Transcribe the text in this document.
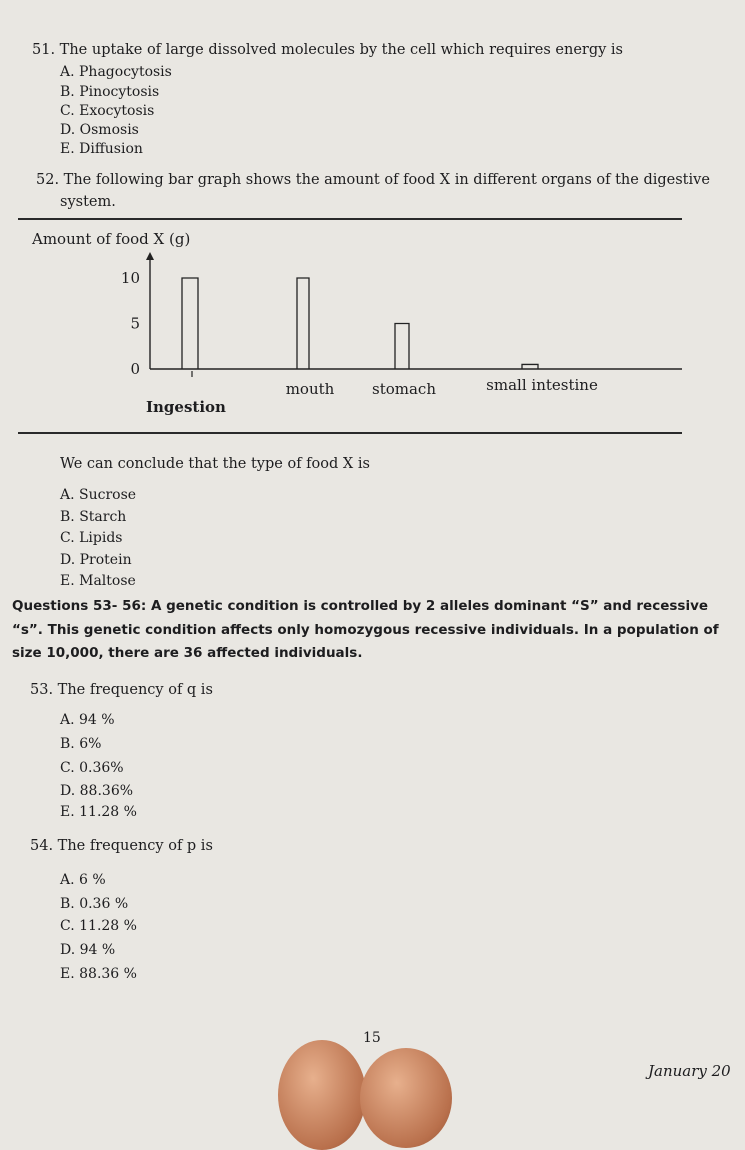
51. The uptake of large dissolved molecules by the cell which requires energy is
A. Phagocytosis
B. Pinocytosis
C. Exocytosis
D. Osmosis
E. Diffusion
52. The following bar graph shows the amount of food X in different organs of the digestive
system.
Amount of food X (g)
10
5
0
Ingestion
mouth	stomach	small intestine
We can conclude that the type of food X is
A. Sucrose
B. Starch
C. Lipids
D. Protein
E. Maltose
Questions 53- 56: A genetic condition is controlled by 2 alleles dominant “S” and recessive
“s”. This genetic condition affects only homozygous recessive individuals. In a population of
size 10,000, there are 36 affected individuals.
53. The frequency of q is
A. 94 %
B. 6%
C. 0.36%
D. 88.36%
E. 11.28 %
54. The frequency of p is
A. 6 %
B. 0.36 %
C. 11.28 %
D. 94 %
E. 88.36 %
15
January 20
